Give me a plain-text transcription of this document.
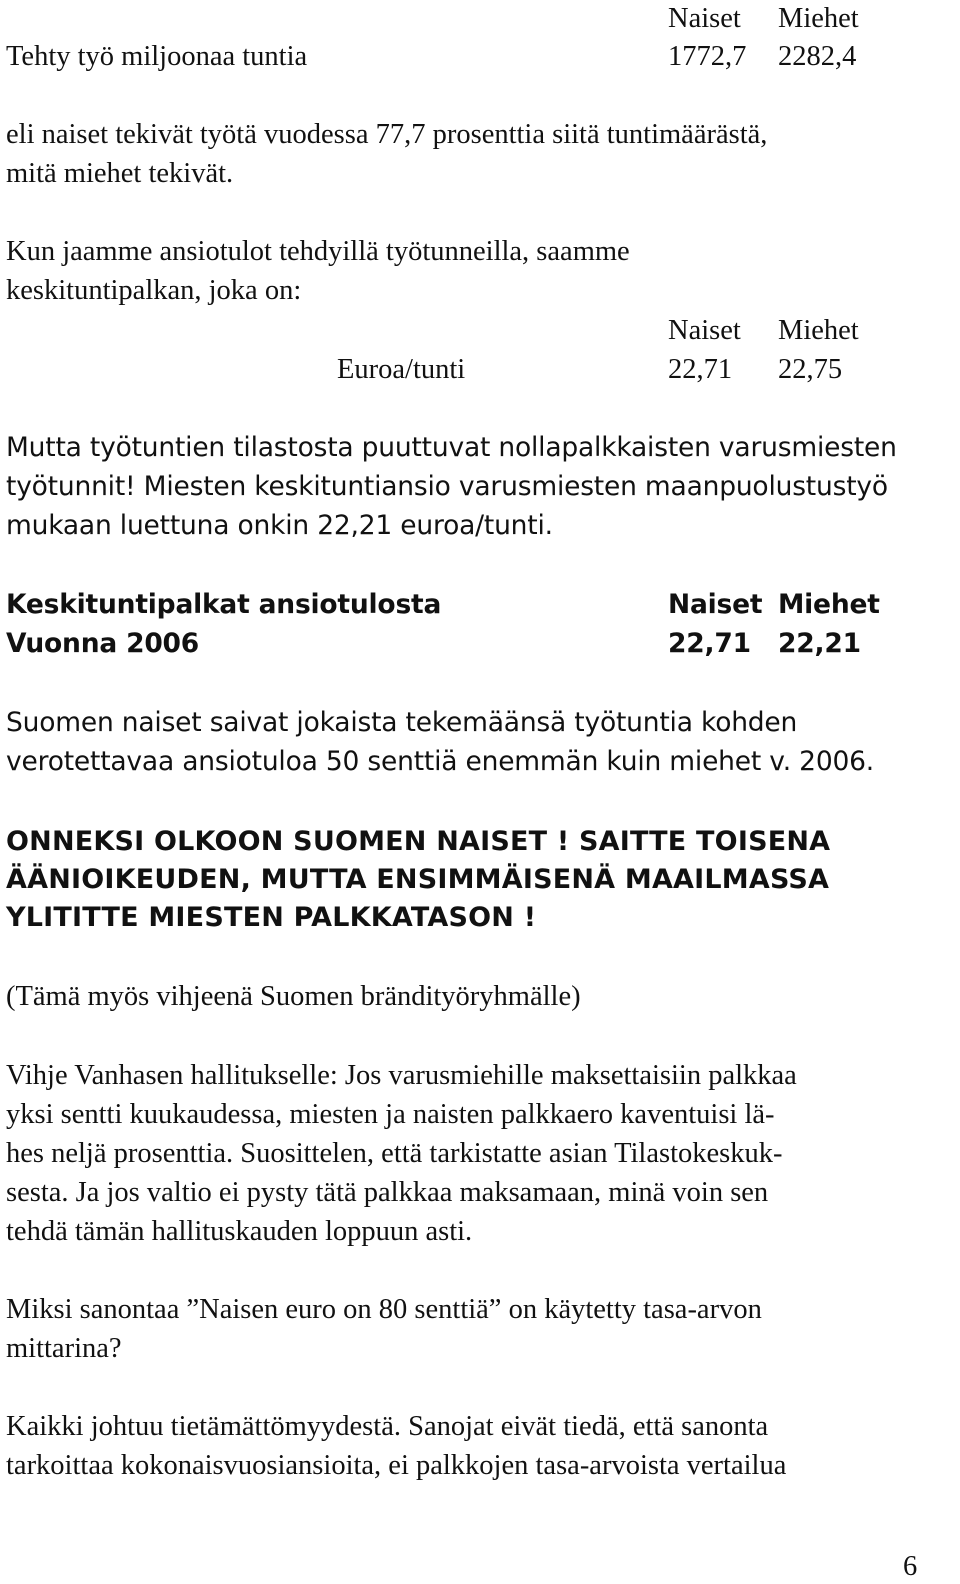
Naiset Miehet
Tehty työ miljoonaa tuntia	1772,7 2282,4
eli naiset tekivät työtä vuodessa 77,7 prosenttia siitä tuntimäärästä,
mitä miehet tekivät.
Kun jaamme ansiotulot tehdyillä työtunneilla, saamme
keskituntipalkan, joka on:
Naiset Miehet
Euroa/tunti	22,71 22,75
Mutta työtuntien tilastosta puuttuvat nollapalkkaisten varusmiesten
työtunnit! Miesten keskituntiansio varusmiesten maanpuolustustyö
mukaan luettuna onkin 22,21 euroa/tunti.
Keskituntipalkat ansiotulosta	Naiset Miehet
Vuonna 2006	22,71 22,21
Suomen naiset saivat jokaista tekemäänsä työtuntia kohden
verotettavaa ansiotuloa 50 senttiä enemmän kuin miehet v. 2006.
ONNEKSI OLKOON SUOMEN NAISET ! SAITTE TOISENA
ÄÄNIOIKEUDEN, MUTTA ENSIMMÄISENÄ MAAILMASSA
YLITITTE MIESTEN PALKKATASON !
(Tämä myös vihjeenä Suomen brändityöryhmälle)
Vihje Vanhasen hallitukselle: Jos varusmiehille maksettaisiin palkkaa
yksi sentti kuukaudessa, miesten ja naisten palkkaero kaventuisi lä-
hes neljä prosenttia. Suosittelen, että tarkistatte asian Tilastokeskuk-
sesta. Ja jos valtio ei pysty tätä palkkaa maksamaan, minä voin sen
tehdä tämän hallituskauden loppuun asti.
Miksi sanontaa ”Naisen euro on 80 senttiä” on käytetty tasa-arvon
mittarina?
Kaikki johtuu tietämättömyydestä. Sanojat eivät tiedä, että sanonta
tarkoittaa kokonaisvuosiansioita, ei palkkojen tasa-arvoista vertailua
6
